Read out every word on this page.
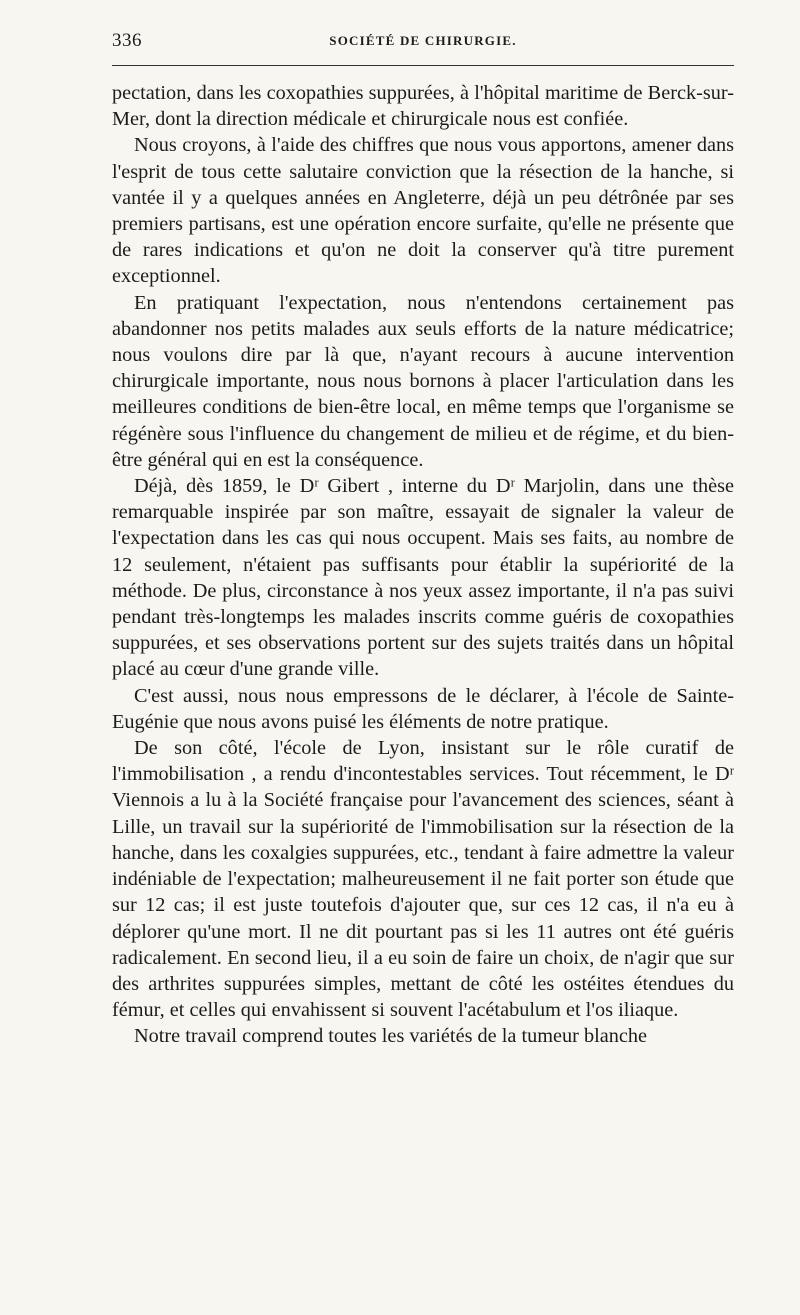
336	SOCIÉTÉ DE CHIRURGIE.

pectation, dans les coxopathies suppurées, à l'hôpital maritime de Berck-sur-Mer, dont la direction médicale et chirurgicale nous est confiée.

Nous croyons, à l'aide des chiffres que nous vous apportons, amener dans l'esprit de tous cette salutaire conviction que la résection de la hanche, si vantée il y a quelques années en Angleterre, déjà un peu détrônée par ses premiers partisans, est une opération encore surfaite, qu'elle ne présente que de rares indications et qu'on ne doit la conserver qu'à titre purement exceptionnel.

En pratiquant l'expectation, nous n'entendons certainement pas abandonner nos petits malades aux seuls efforts de la nature médicatrice; nous voulons dire par là que, n'ayant recours à aucune intervention chirurgicale importante, nous nous bornons à placer l'articulation dans les meilleures conditions de bien-être local, en même temps que l'organisme se régénère sous l'influence du changement de milieu et de régime, et du bien-être général qui en est la conséquence.

Déjà, dès 1859, le Dʳ Gibert , interne du Dʳ Marjolin, dans une thèse remarquable inspirée par son maître, essayait de signaler la valeur de l'expectation dans les cas qui nous occupent. Mais ses faits, au nombre de 12 seulement, n'étaient pas suffisants pour établir la supériorité de la méthode. De plus, circonstance à nos yeux assez importante, il n'a pas suivi pendant très-longtemps les malades inscrits comme guéris de coxopathies suppurées, et ses observations portent sur des sujets traités dans un hôpital placé au cœur d'une grande ville.

C'est aussi, nous nous empressons de le déclarer, à l'école de Sainte-Eugénie que nous avons puisé les éléments de notre pratique.

De son côté, l'école de Lyon, insistant sur le rôle curatif de l'immobilisation , a rendu d'incontestables services. Tout récemment, le Dʳ Viennois a lu à la Société française pour l'avancement des sciences, séant à Lille, un travail sur la supériorité de l'immobilisation sur la résection de la hanche, dans les coxalgies suppurées, etc., tendant à faire admettre la valeur indéniable de l'expectation; malheureusement il ne fait porter son étude que sur 12 cas; il est juste toutefois d'ajouter que, sur ces 12 cas, il n'a eu à déplorer qu'une mort. Il ne dit pourtant pas si les 11 autres ont été guéris radicalement. En second lieu, il a eu soin de faire un choix, de n'agir que sur des arthrites suppurées simples, mettant de côté les ostéites étendues du fémur, et celles qui envahissent si souvent l'acétabulum et l'os iliaque.

Notre travail comprend toutes les variétés de la tumeur blanche
